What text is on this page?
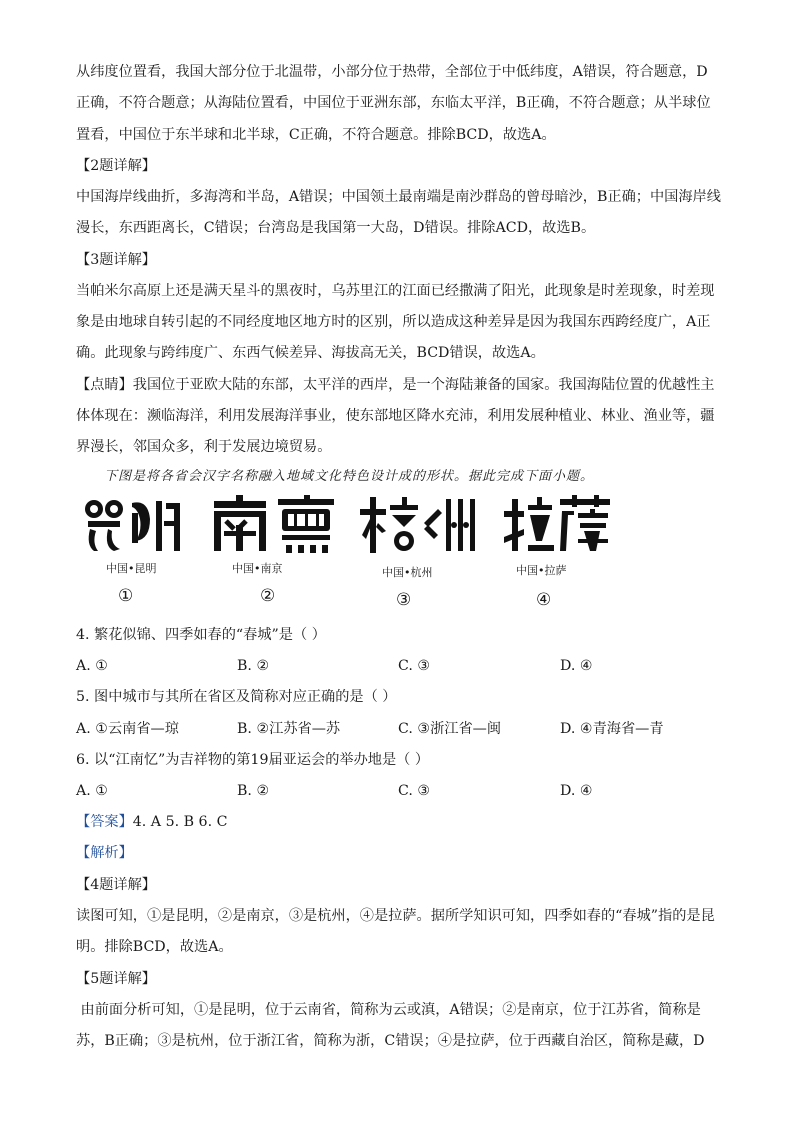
从纬度位置看，我国大部分位于北温带，小部分位于热带，全部位于中低纬度，A错误，符合题意，D
正确，不符合题意；从海陆位置看，中国位于亚洲东部，东临太平洋，B正确，不符合题意；从半球位
置看，中国位于东半球和北半球，C正确，不符合题意。排除BCD，故选A。
【2题详解】
中国海岸线曲折，多海湾和半岛，A错误；中国领土最南端是南沙群岛的曾母暗沙，B正确；中国海岸线
漫长，东西距离长，C错误；台湾岛是我国第一大岛，D错误。排除ACD，故选B。
【3题详解】
当帕米尔高原上还是满天星斗的黑夜时，乌苏里江的江面已经撒满了阳光，此现象是时差现象，时差现
象是由地球自转引起的不同经度地区地方时的区别，所以造成这种差异是因为我国东西跨经度广，A正
确。此现象与跨纬度广、东西气候差异、海拔高无关，BCD错误，故选A。
【点睛】我国位于亚欧大陆的东部，太平洋的西岸，是一个海陆兼备的国家。我国海陆位置的优越性主
体体现在：濒临海洋，利用发展海洋事业，使东部地区降水充沛，利用发展种植业、林业、渔业等，疆
界漫长，邻国众多，利于发展边境贸易。
下图是将各省会汉字名称融入地域文化特色设计成的形状。据此完成下面小题。
中国•昆明	中国•南京	中国•杭州	中国•拉萨
①	②	③	④
4. 繁花似锦、四季如春的“春城”是（ ）
A. ①	B. ②	C. ③	D. ④
5. 图中城市与其所在省区及简称对应正确的是（ ）
A. ①云南省—琼	B. ②江苏省—苏	C. ③浙江省—闽	D. ④青海省—青
6. 以“江南忆”为吉祥物的第19届亚运会的举办地是（ ）
A. ①	B. ②	C. ③	D. ④
【答案】4. A 5. B 6. C
【解析】
【4题详解】
读图可知，①是昆明，②是南京，③是杭州，④是拉萨。据所学知识可知，四季如春的“春城”指的是昆
明。排除BCD，故选A。
【5题详解】
由前面分析可知，①是昆明，位于云南省，简称为云或滇，A错误；②是南京，位于江苏省，简称是
苏，B正确；③是杭州，位于浙江省，简称为浙，C错误；④是拉萨，位于西藏自治区，简称是藏，D
